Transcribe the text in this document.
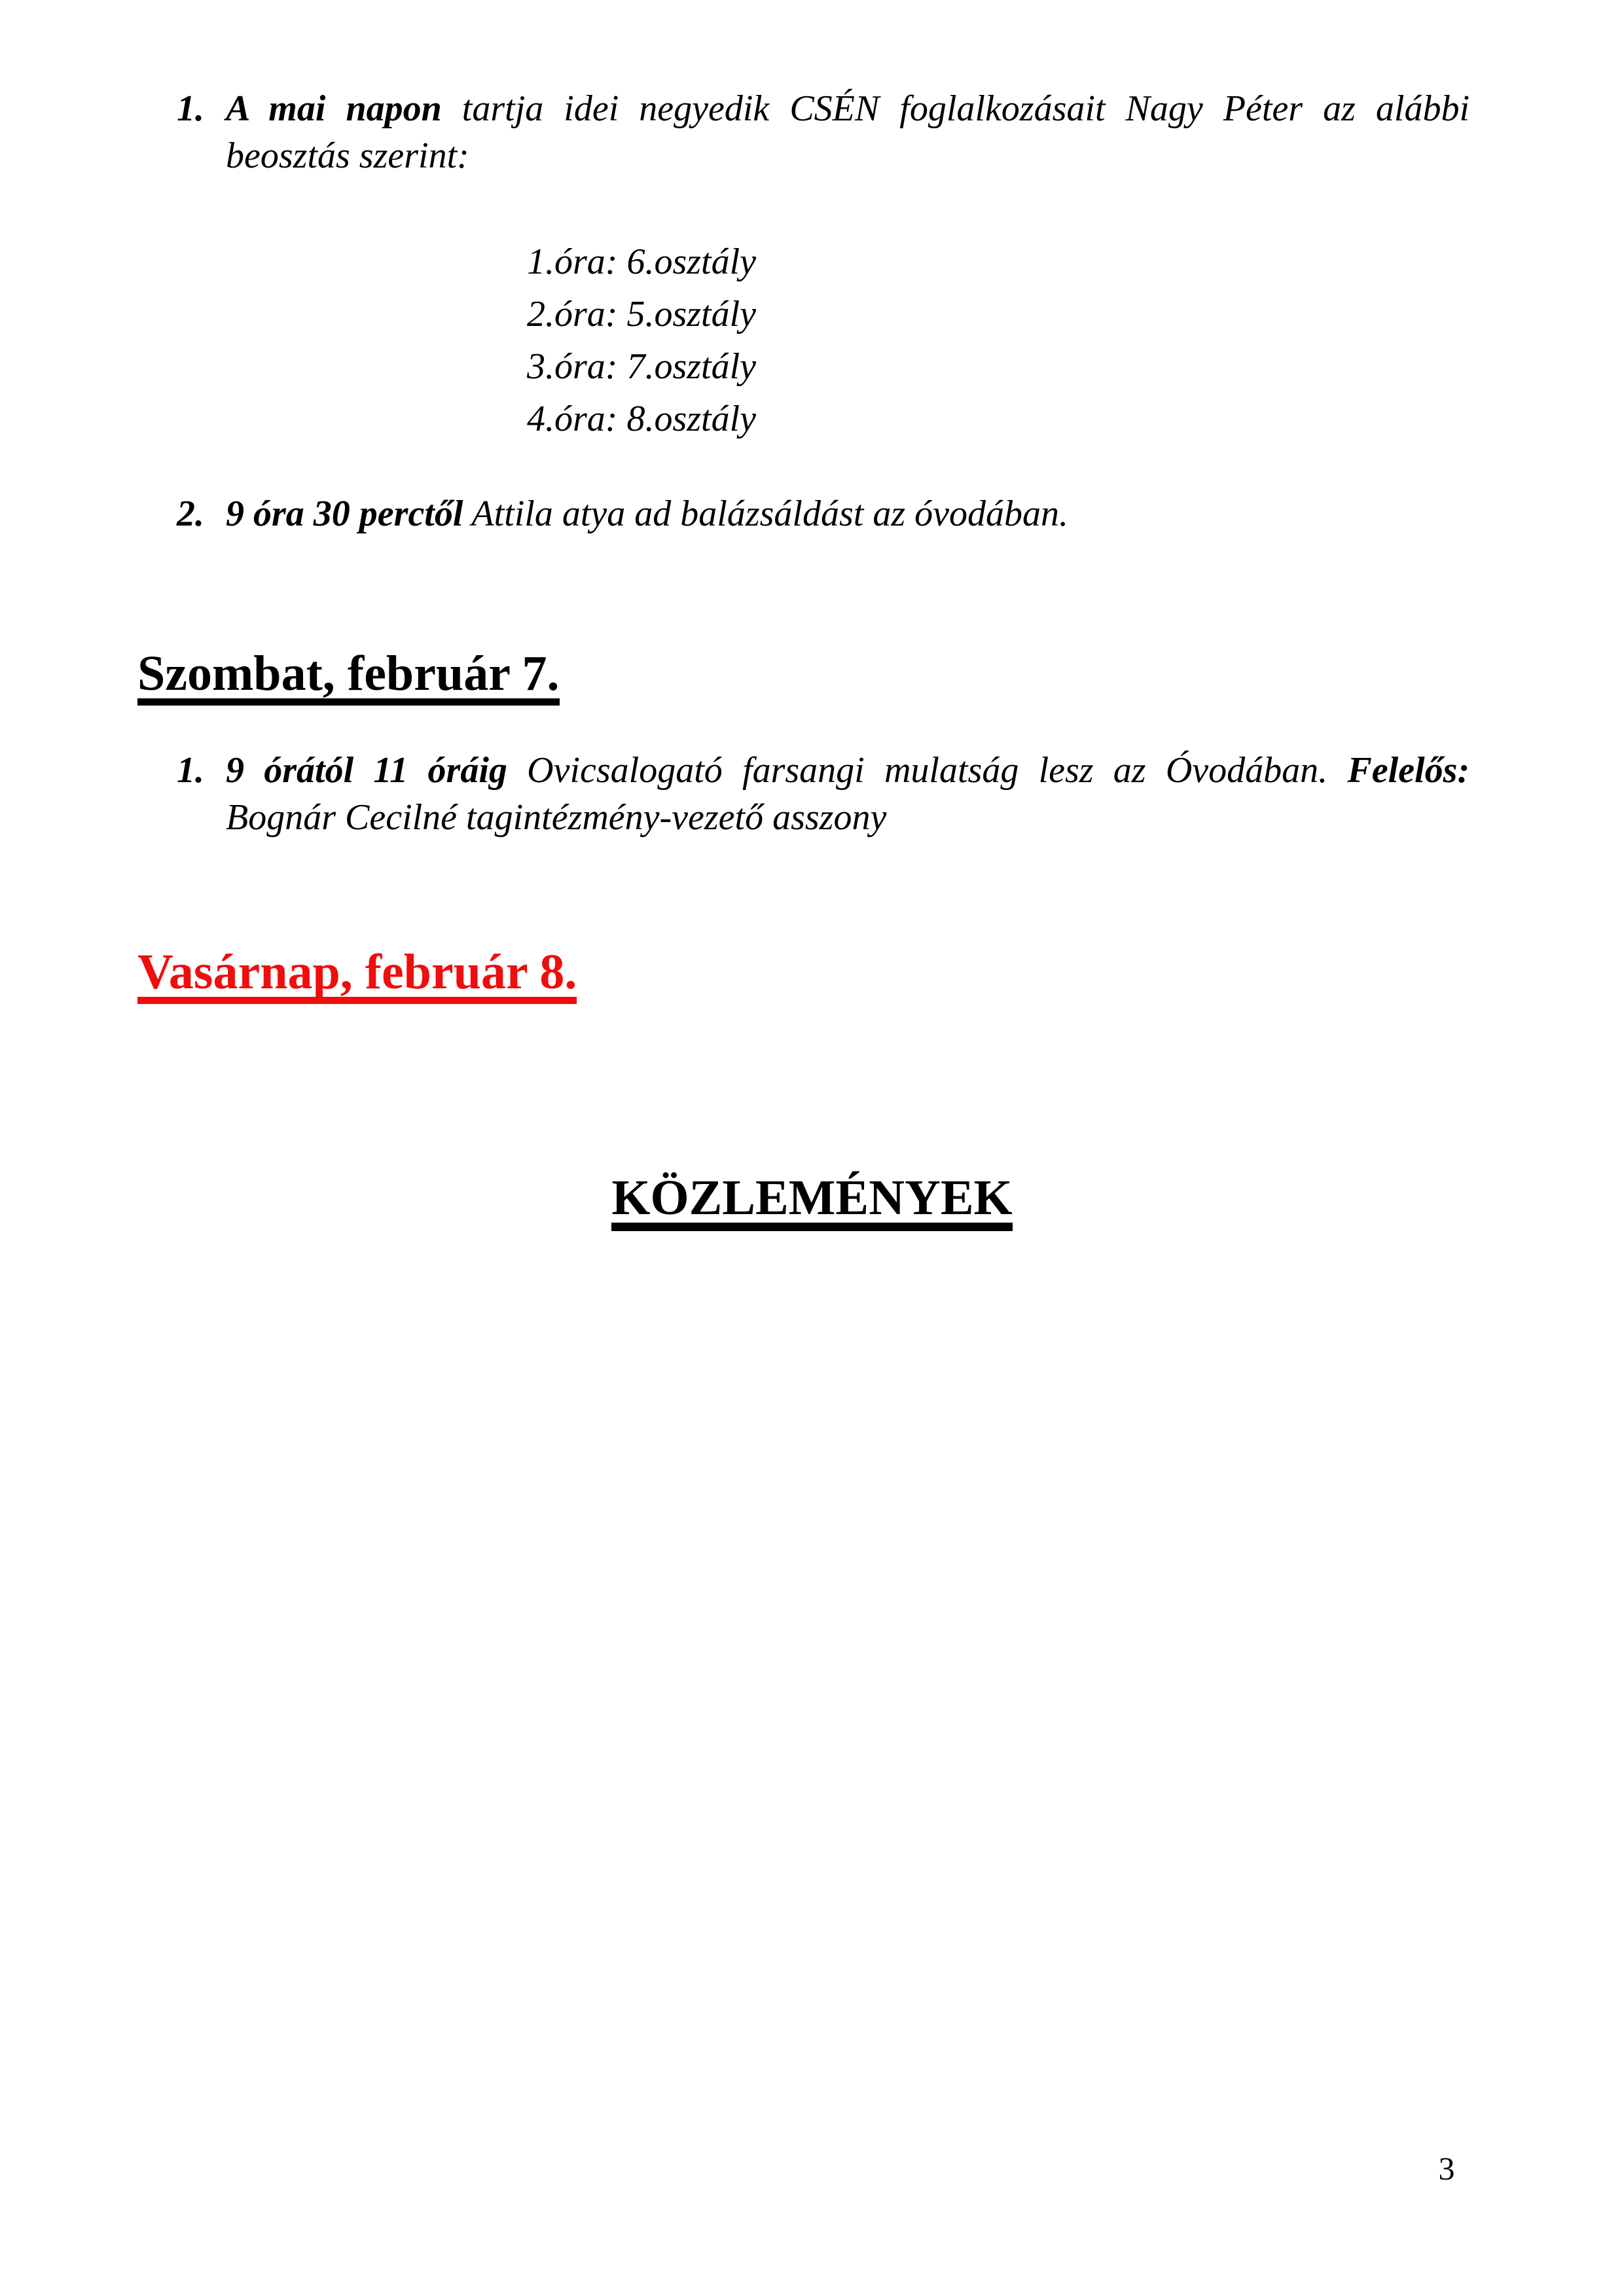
1. A mai napon tartja idei negyedik CSÉN foglalkozásait Nagy Péter az alábbi
beosztás szerint:
1.óra: 6.osztály
2.óra: 5.osztály
3.óra: 7.osztály
4.óra: 8.osztály
2. 9 óra 30 perctől Attila atya ad balázsáldást az óvodában.
Szombat, február 7.
1. 9 órától 11 óráig Ovicsalogató farsangi mulatság lesz az Óvodában. Felelős:
Bognár Cecilné tagintézmény-vezető asszony
Vasárnap, február 8.
KÖZLEMÉNYEK
3
